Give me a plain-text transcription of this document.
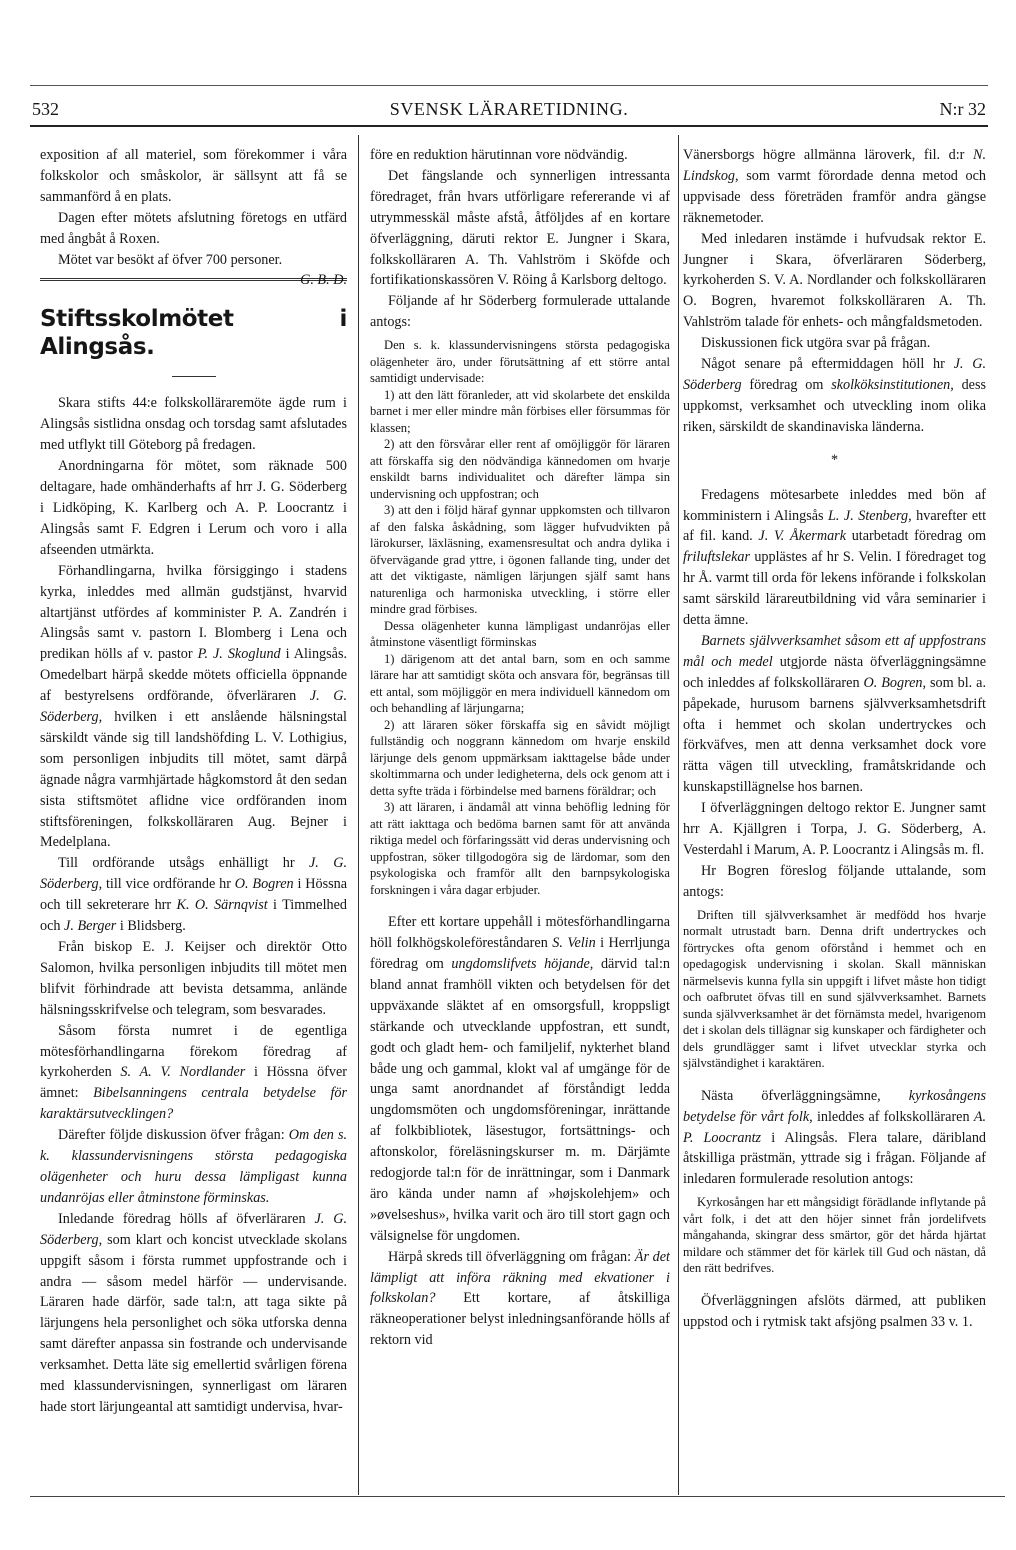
532	SVENSK LÄRARETIDNING.	N:r 32

exposition af all materiel, som förekommer i våra folkskolor och småskolor, är sällsynt att få se sammanförd å en plats.

Dagen efter mötets afslutning företogs en utfärd med ångbåt å Roxen.

Mötet var besökt af öfver 700 personer.
G. B. D.

Stiftsskolmötet i Alingsås.

Skara stifts 44:e folkskolläraremöte ägde rum i Alingsås sistlidna onsdag och torsdag samt afslutades med utflykt till Göteborg på fredagen.

Anordningarna för mötet, som räknade 500 deltagare, hade omhänderhafts af hrr J. G. Söderberg i Lidköping, K. Karlberg och A. P. Loocrantz i Alingsås samt F. Edgren i Lerum och voro i alla afseenden utmärkta.

Förhandlingarna, hvilka försiggingo i stadens kyrka, inleddes med allmän gudstjänst, hvarvid altartjänst utfördes af komminister P. A. Zandrén i Alingsås samt v. pastorn I. Blomberg i Lena och predikan hölls af v. pastor P. J. Skoglund i Alingsås. Omedelbart härpå skedde mötets officiella öppnande af bestyrelsens ordförande, öfverläraren J. G. Söderberg, hvilken i ett anslående hälsningstal särskildt vände sig till landshöfding L. V. Lothigius, som personligen inbjudits till mötet, samt därpå ägnade några varmhjärtade hågkomstord åt den sedan sista stiftsmötet aflidne vice ordföranden inom stiftsföreningen, folkskolläraren Aug. Bejner i Medelplana.

Till ordförande utsågs enhälligt hr J. G. Söderberg, till vice ordförande hr O. Bogren i Hössna och till sekreterare hrr K. O. Särnqvist i Timmelhed och J. Berger i Blidsberg.

Från biskop E. J. Keijser och direktör Otto Salomon, hvilka personligen inbjudits till mötet men blifvit förhindrade att bevista detsamma, anlände hälsningsskrifvelse och telegram, som besvarades.

Såsom första numret i de egentliga mötesförhandlingarna förekom föredrag af kyrkoherden S. A. V. Nordlander i Hössna öfver ämnet: Bibelsanningens centrala betydelse för karaktärsutvecklingen?

Därefter följde diskussion öfver frågan: Om den s. k. klassundervisningens största pedagogiska olägenheter och huru dessa lämpligast kunna undanröjas eller åtminstone förminskas.

Inledande föredrag hölls af öfverläraren J. G. Söderberg, som klart och koncist utvecklade skolans uppgift såsom i första rummet uppfostrande och i andra — såsom medel härför — undervisande. Läraren hade därför, sade tal:n, att taga sikte på lärjungens hela personlighet och söka utforska denna samt därefter anpassa sin fostrande och undervisande verksamhet. Detta läte sig emellertid svårligen förena med klassundervisningen, synnerligast om läraren hade stort lärjungeantal att samtidigt undervisa, hvar-

före en reduktion härutinnan vore nödvändig.

Det fängslande och synnerligen intressanta föredraget, från hvars utförligare refererande vi af utrymmesskäl måste afstå, åtföljdes af en kortare öfverläggning, däruti rektor E. Jungner i Skara, folkskolläraren A. Th. Vahlström i Sköfde och fortifikationskassören V. Röing å Karlsborg deltogo.

Följande af hr Söderberg formulerade uttalande antogs:

Den s. k. klassundervisningens största pedagogiska olägenheter äro, under förutsättning af ett större antal samtidigt undervisade:

1) att den lätt föranleder, att vid skolarbete det enskilda barnet i mer eller mindre mån förbises eller försummas för klassen;

2) att den försvårar eller rent af omöjliggör för läraren att förskaffa sig den nödvändiga kännedomen om hvarje enskildt barns individualitet och därefter lämpa sin undervisning och uppfostran; och

3) att den i följd häraf gynnar uppkomsten och tillvaron af den falska åskådning, som lägger hufvudvikten på lärokurser, läxläsning, examensresultat och andra dylika i öfvervägande grad yttre, i ögonen fallande ting, under det att det viktigaste, nämligen lärjungen själf samt hans naturenliga och harmoniska utveckling, i större eller mindre grad förbises.

Dessa olägenheter kunna lämpligast undanröjas eller åtminstone väsentligt förminskas

1) därigenom att det antal barn, som en och samme lärare har att samtidigt sköta och ansvara för, begränsas till ett antal, som möjliggör en mera individuell kännedom om och behandling af lärjungarna;

2) att läraren söker förskaffa sig en såvidt möjligt fullständig och noggrann kännedom om hvarje enskild lärjunge dels genom uppmärksam iakttagelse både under skoltimmarna och under ledigheterna, dels ock genom att i detta syfte träda i förbindelse med barnens föräldrar; och

3) att läraren, i ändamål att vinna behöflig ledning för att rätt iakttaga och bedöma barnen samt för att använda riktiga medel och förfaringssätt vid deras undervisning och uppfostran, söker tillgodogöra sig de lärdomar, som den psykologiska och framför allt den barnpsykologiska forskningen i våra dagar erbjuder.

Efter ett kortare uppehåll i mötesförhandlingarna höll folkhögskoleföreståndaren S. Velin i Herrljunga föredrag om ungdomslifvets höjande, därvid tal:n bland annat framhöll vikten och betydelsen för det uppväxande släktet af en omsorgsfull, kroppsligt stärkande och utvecklande uppfostran, ett sundt, godt och gladt hem- och familjelif, nykterhet bland både ung och gammal, klokt val af umgänge för de unga samt anordnandet af förståndigt ledda ungdomsmöten och ungdomsföreningar, inrättande af folkbibliotek, läsestugor, fortsättnings- och aftonskolor, föreläsningskurser m. m. Därjämte redogjorde tal:n för de inrättningar, som i Danmark äro kända under namn af »højskolehjem» och »øvelseshus», hvilka varit och äro till stort gagn och välsignelse för ungdomen.

Härpå skreds till öfverläggning om frågan: Är det lämpligt att införa räkning med ekvationer i folkskolan? Ett kortare, af åtskilliga räkneoperationer belyst inledningsanförande hölls af rektorn vid

Vänersborgs högre allmänna läroverk, fil. d:r N. Lindskog, som varmt förordade denna metod och uppvisade dess företräden framför andra gängse räknemetoder.

Med inledaren instämde i hufvudsak rektor E. Jungner i Skara, öfverläraren Söderberg, kyrkoherden S. V. A. Nordlander och folkskolläraren O. Bogren, hvaremot folkskolläraren A. Th. Vahlström talade för enhets- och mångfaldsmetoden.

Diskussionen fick utgöra svar på frågan.

Något senare på eftermiddagen höll hr J. G. Söderberg föredrag om skolköksinstitutionen, dess uppkomst, verksamhet och utveckling inom olika riken, särskildt de skandinaviska länderna.

*

Fredagens mötesarbete inleddes med bön af komministern i Alingsås L. J. Stenberg, hvarefter ett af fil. kand. J. V. Åkermark utarbetadt föredrag om friluftslekar upplästes af hr S. Velin. I föredraget tog hr Å. varmt till orda för lekens införande i folkskolan samt särskild lärareutbildning vid våra seminarier i detta ämne.

Barnets självverksamhet såsom ett af uppfostrans mål och medel utgjorde nästa öfverläggningsämne och inleddes af folkskolläraren O. Bogren, som bl. a. påpekade, hurusom barnens självverksamhetsdrift ofta i hemmet och skolan undertryckes och förkväfves, men att denna verksamhet dock vore rätta vägen till utveckling, framåtskridande och kunskapstillägnelse hos barnen.

I öfverläggningen deltogo rektor E. Jungner samt hrr A. Kjällgren i Torpa, J. G. Söderberg, A. Vesterdahl i Marum, A. P. Loocrantz i Alingsås m. fl.

Hr Bogren föreslog följande uttalande, som antogs:

Driften till självverksamhet är medfödd hos hvarje normalt utrustadt barn. Denna drift undertryckes och förtryckes ofta genom oförstånd i hemmet och en opedagogisk undervisning i skolan. Skall människan närmelsevis kunna fylla sin uppgift i lifvet måste hon tidigt och oafbrutet öfvas till en sund självverksamhet. Barnets sunda självverksamhet är det förnämsta medel, hvarigenom det i skolan dels tillägnar sig kunskaper och färdigheter och dels grundlägger samt i lifvet utvecklar styrka och självständighet i karaktären.

Nästa öfverläggningsämne, kyrkosångens betydelse för vårt folk, inleddes af folkskolläraren A. P. Loocrantz i Alingsås. Flera talare, däribland åtskilliga prästmän, yttrade sig i frågan. Följande af inledaren formulerade resolution antogs:

Kyrkosången har ett mångsidigt förädlande inflytande på vårt folk, i det att den höjer sinnet från jordelifvets mångahanda, skingrar dess smärtor, gör det hårda hjärtat mildare och stämmer det för kärlek till Gud och nästan, då den rätt bedrifves.

Öfverläggningen afslöts därmed, att publiken uppstod och i rytmisk takt afsjöng psalmen 33 v. 1.
